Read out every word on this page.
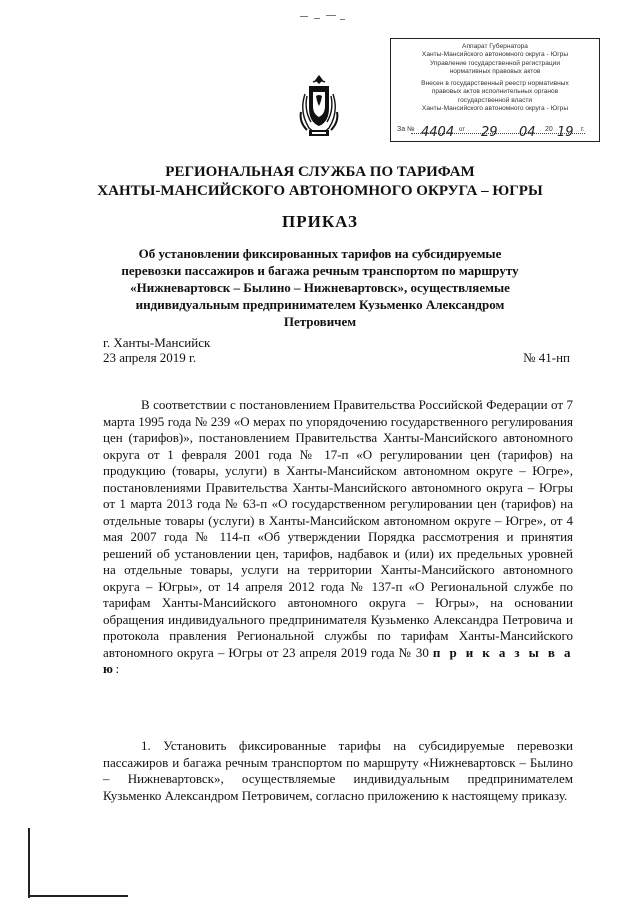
Аппарат Губернатора
Ханты-Мансийского автономного округа - Югры
Управление государственной регистрации
нормативных правовых актов
Внесен в государственный реестр нормативных
правовых актов исполнительных органов
государственной власти
Ханты-Мансийского автономного округа - Югры
За № 4404 от 29 04 20 19 г.
РЕГИОНАЛЬНАЯ СЛУЖБА ПО ТАРИФАМ
ХАНТЫ-МАНСИЙСКОГО АВТОНОМНОГО ОКРУГА – ЮГРЫ
ПРИКАЗ
Об установлении фиксированных тарифов на субсидируемые перевозки пассажиров и багажа речным транспортом по маршруту «Нижневартовск – Былино – Нижневартовск», осуществляемые индивидуальным предпринимателем Кузьменко Александром Петровичем
г. Ханты-Мансийск
23 апреля 2019 г.	№ 41-нп
В соответствии с постановлением Правительства Российской Федерации от 7 марта 1995 года № 239 «О мерах по упорядочению государственного регулирования цен (тарифов)», постановлением Правительства Ханты-Мансийского автономного округа от 1 февраля 2001 года № 17-п «О регулировании цен (тарифов) на продукцию (товары, услуги) в Ханты-Мансийском автономном округе – Югре», постановлениями Правительства Ханты-Мансийского автономного округа – Югры от 1 марта 2013 года № 63-п «О государственном регулировании цен (тарифов) на отдельные товары (услуги) в Ханты-Мансийском автономном округе – Югре», от 4 мая 2007 года № 114-п «Об утверждении Порядка рассмотрения и принятия решений об установлении цен, тарифов, надбавок и (или) их предельных уровней на отдельные товары, услуги на территории Ханты-Мансийского автономного округа – Югры», от 14 апреля 2012 года № 137-п «О Региональной службе по тарифам Ханты-Мансийского автономного округа – Югры», на основании обращения индивидуального предпринимателя Кузьменко Александра Петровича и протокола правления Региональной службы по тарифам Ханты-Мансийского автономного округа – Югры от 23 апреля 2019 года № 30 п р и к а з ы в а ю:
1. Установить фиксированные тарифы на субсидируемые перевозки пассажиров и багажа речным транспортом по маршруту «Нижневартовск – Былино – Нижневартовск», осуществляемые индивидуальным предпринимателем Кузьменко Александром Петровичем, согласно приложению к настоящему приказу.
